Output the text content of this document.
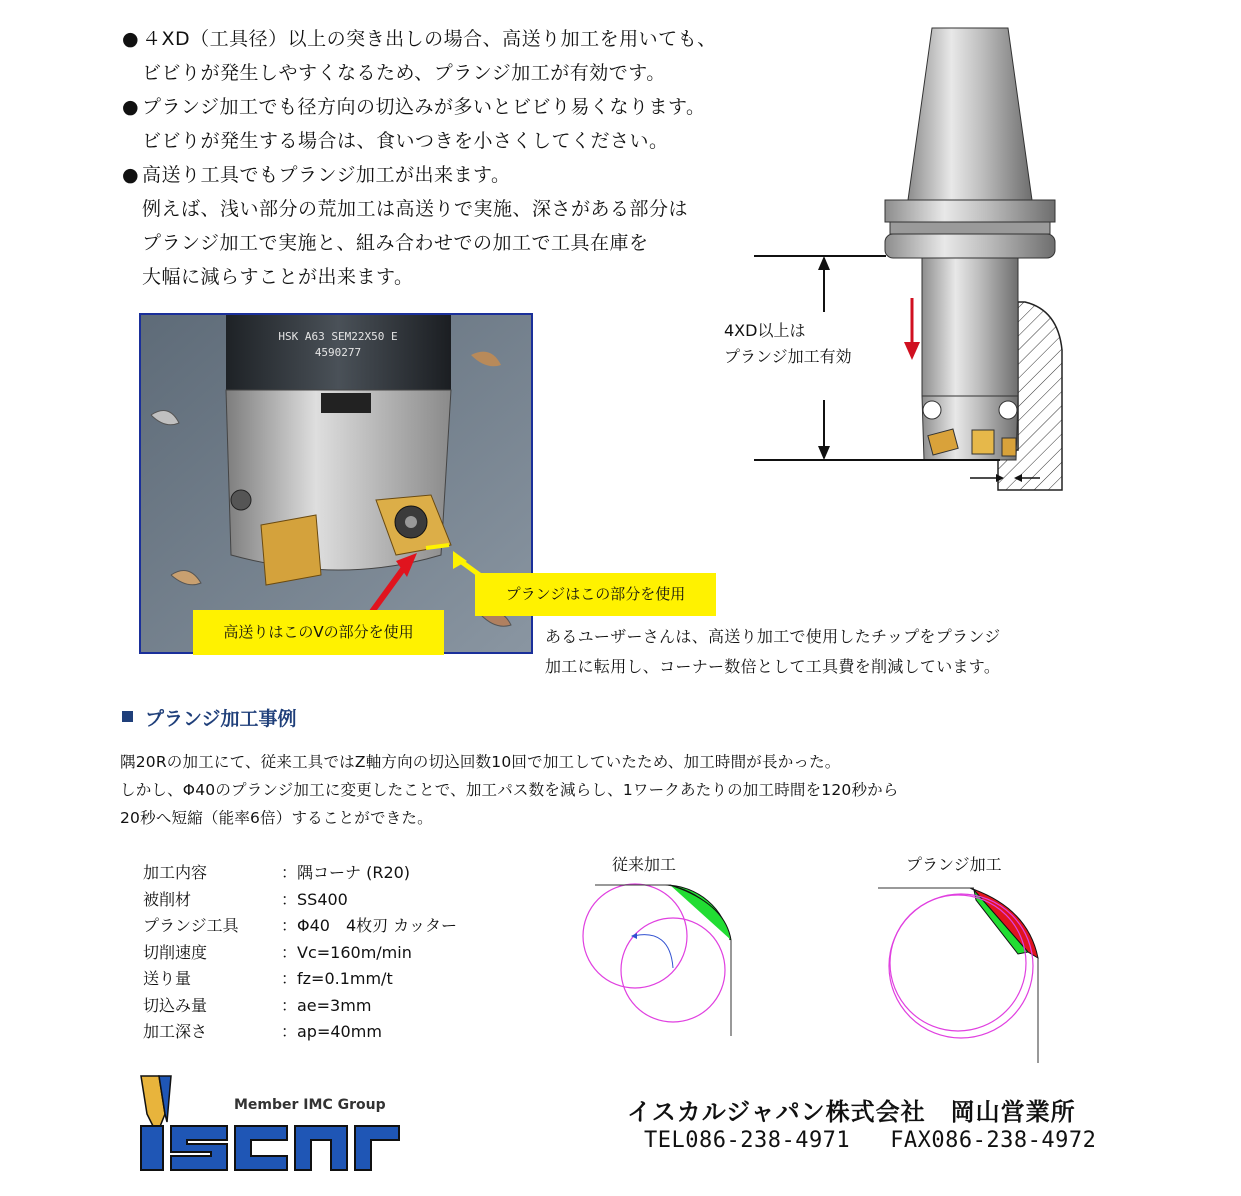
● ４XD（工具径）以上の突き出しの場合、高送り加工を用いても、
ビビりが発生しやすくなるため、プランジ加工が有効です。
● プランジ加工でも径方向の切込みが多いとビビり易くなります。
ビビりが発生する場合は、食いつきを小さくしてください。
● 高送り工具でもプランジ加工が出来ます。
例えば、浅い部分の荒加工は高送りで実施、深さがある部分は
プランジ加工で実施と、組み合わせでの加工で工具在庫を
大幅に減らすことが出来ます。
4XD以上は
プランジ加工有効
HSK A63 SEM22X50 E
4590277
プランジはこの部分を使用
高送りはこのVの部分を使用	あるユーザーさんは、高送り加工で使用したチップをプランジ
加工に転用し、コーナー数倍として工具費を削減しています。
プランジ加工事例
隅20Rの加工にて、従来工具ではZ軸方向の切込回数10回で加工していたため、加工時間が長かった。
しかし、Φ40のプランジ加工に変更したことで、加工パス数を減らし、1ワークあたりの加工時間を120秒から
20秒へ短縮（能率6倍）することができた。
加工内容	：隅コーナ (R20)
被削材	：SS400
プランジ工具	：Φ40　4枚刃 カッター
切削速度	：Vc=160m/min
送り量	：fz=0.1mm/t
切込み量	：ae=3mm
加工深さ	：ap=40mm
従来加工	プランジ加工
Member IMC Group	イスカルジャパン株式会社　岡山営業所
TEL086-238-4971 FAX086-238-4972
